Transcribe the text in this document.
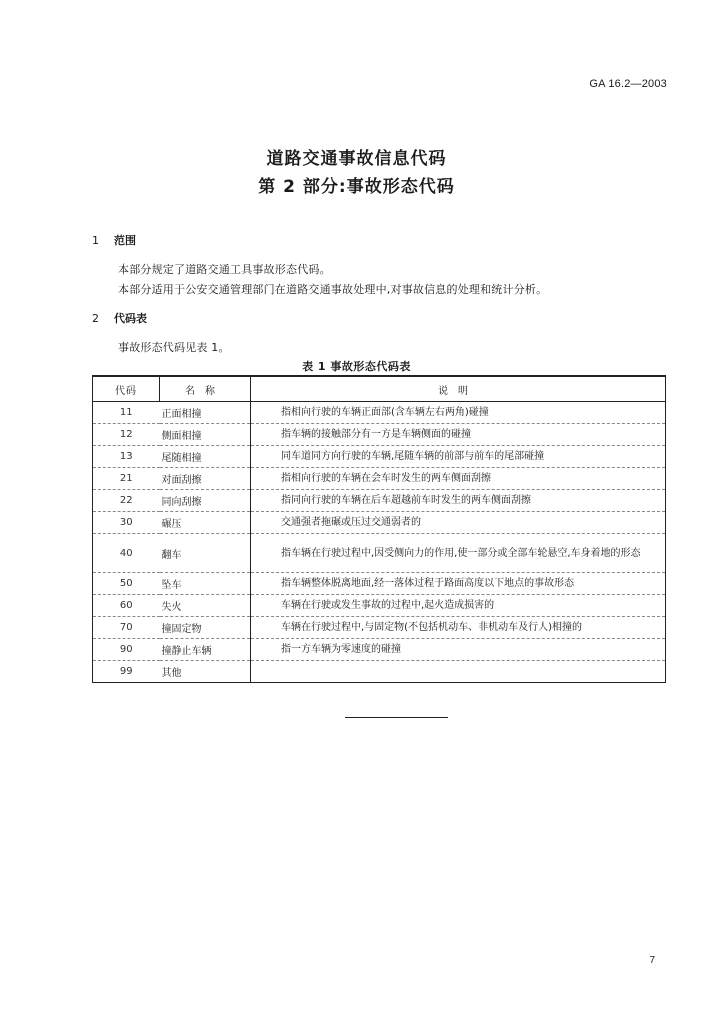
GA 16.2—2003
道路交通事故信息代码
第 2 部分:事故形态代码
1 范围
本部分规定了道路交通工具事故形态代码。
本部分适用于公安交通管理部门在道路交通事故处理中,对事故信息的处理和统计分析。
2 代码表
事故形态代码见表 1。
表 1 事故形态代码表
代码	名称	说明
11	正面相撞	指相向行驶的车辆正面部(含车辆左右两角)碰撞
12	侧面相撞	指车辆的接触部分有一方是车辆侧面的碰撞
13	尾随相撞	同车道同方向行驶的车辆,尾随车辆的前部与前车的尾部碰撞
21	对面刮擦	指相向行驶的车辆在会车时发生的两车侧面刮擦
22	同向刮擦	指同向行驶的车辆在后车超越前车时发生的两车侧面刮擦
30	碾压	交通强者拖碾或压过交通弱者的
40	翻车	指车辆在行驶过程中,因受侧向力的作用,使一部分或全部车轮悬空,车身着地的形态
50	坠车	指车辆整体脱离地面,经一落体过程于路面高度以下地点的事故形态
60	失火	车辆在行驶或发生事故的过程中,起火造成损害的
70	撞固定物	车辆在行驶过程中,与固定物(不包括机动车、非机动车及行人)相撞的
90	撞静止车辆	指一方车辆为零速度的碰撞
99	其他	
7
